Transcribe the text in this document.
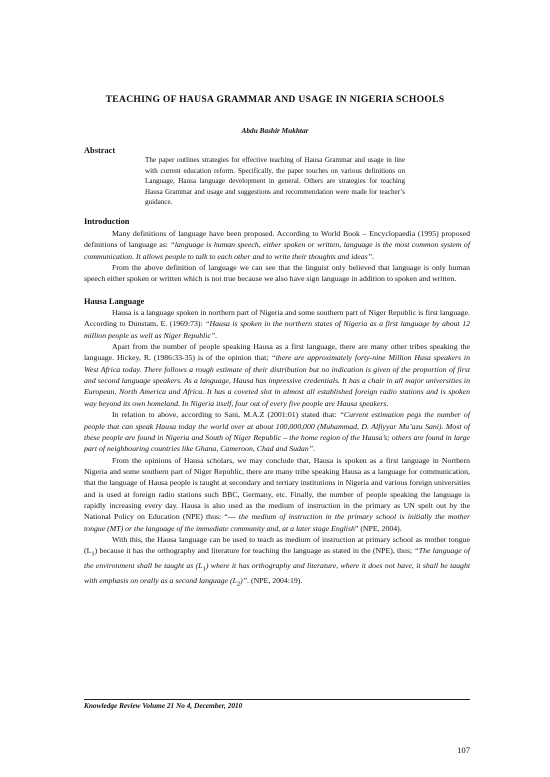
TEACHING OF HAUSA GRAMMAR AND USAGE IN NIGERIA SCHOOLS
Abdu Bashir Mukhtar
Abstract
The paper outlines strategies for effective teaching of Hausa Grammar and usage in line with current education reform. Specifically, the paper touches on various definitions on Language, Hausa language development in general. Others are strategies for teaching Hausa Grammar and usage and suggestions and recommendation were made for teacher’s guidance.
Introduction

Many definitions of language have been proposed. According to World Book – Encyclopaedia (1995) proposed definitions of language as: “language is human speech, either spoken or written, language is the most common system of communication. It allows people to talk to each other and to write their thoughts and ideas”.

From the above definition of language we can see that the linguist only believed that language is only human speech either spoken or written which is not true because we also have sign language in addition to spoken and written.

Hausa Language

Hausa is a language spoken in northern part of Nigeria and some southern part of Niger Republic is first language. According to Dunstam, E. (1969:73): “Hausa is spoken in the northern states of Nigeria as a first language by about 12 million people as well as Niger Republic”.

Apart from the number of people speaking Hausa as a first language, there are many other tribes speaking the language. Hickey, R. (1986:33-35) is of the opinion that; “there are approximately forty-nine Million Husa speakers in West Africa today. There follows a rough estimate of their distribution but no indication is given of the proportion of first and second language speakers. As a language, Hausa has impressive credentials. It has a chair in all major universities in European, North America and Africa. It has a coveted slot in almost all established foreign radio stations and is spoken way beyond its own homeland. In Nigeria itself, four out of every five people are Hausa speakers.

In relation to above, according to Sani, M.A.Z (2001:01) stated that: “Current estimation pegs the number of people that can speak Hausa today the world over at about 100,000,000 (Muhammad, D. Alfiyyar Mu’azu Sani). Most of these people are found in Nigeria and South of Niger Republic – the home region of the Hausa’s; others are found in large part of neighbouring countries like Ghana, Cameroon, Chad and Sudan”.

From the opinions of Hausa scholars, we may conclude that, Hausa is spoken as a first language in Northern Nigeria and some southern part of Niger Republic, there are many tribe speaking Hausa as a language for communication, that the language of Hausa people is taught at secondary and tertiary institutions in Nigeria and various foreign universities and is used at foreign radio stations such BBC, Germany, etc. Finally, the number of people speaking the language is rapidly increasing every day. Hausa is also used as the medium of instruction in the primary as UN spelt out by the National Policy on Education (NPE) thus: “--- the medium of instruction in the primary school is initially the mother tongue (MT) or the language of the immediate community and, at a later stage English” (NPE, 2004).

With this, the Hausa language can be used to teach as medium of instruction at primary school as mother tongue $(L_1)$ because it has the orthography and literature for teaching the language as stated in the (NPE), thus; “The language of the environment shall be taught as $(L_1)$ where it has orthography and literature, where it does not have, it shall be taught with emphasis on orally as a second language $(L_2)$”. (NPE, 2004:19).

Knowledge Review Volume 21 No 4, December, 2010
107
